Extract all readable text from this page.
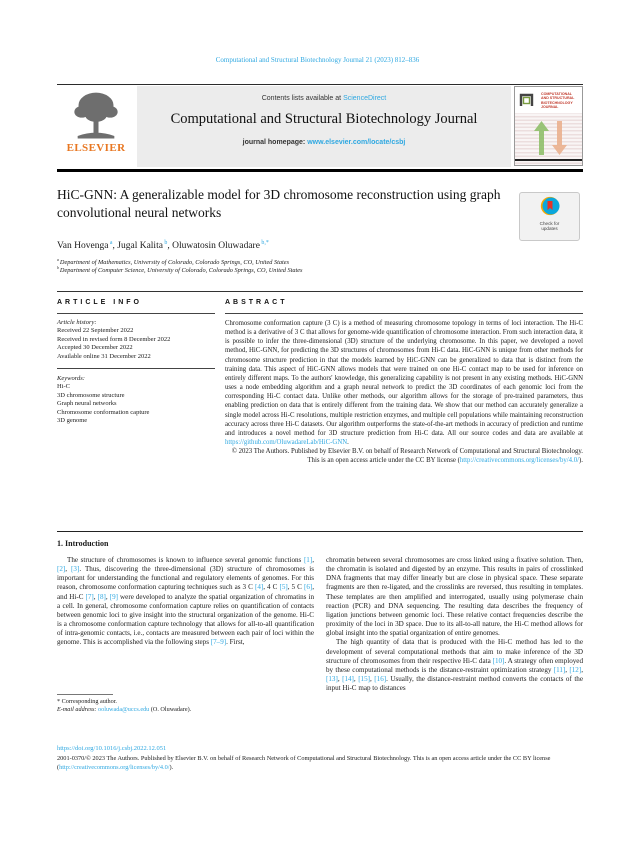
Computational and Structural Biotechnology Journal 21 (2023) 812–836
ELSEVIER
Contents lists available at ScienceDirect
Computational and Structural Biotechnology Journal
journal homepage: www.elsevier.com/locate/csbj
COMPUTATIONAL
AND STRUCTURAL
BIOTECHNOLOGY
JOURNAL
HiC-GNN: A generalizable model for 3D chromosome reconstruction using graph convolutional neural networks
Check for
updates
Van Hovenga $^a$, Jugal Kalita $^b$, Oluwatosin Oluwadare $^{b,*}$
$^a$ Department of Mathematics, University of Colorado, Colorado Springs, CO, United States
$^b$ Department of Computer Science, University of Colorado, Colorado Springs, CO, United States
ARTICLE INFO	ABSTRACT
Article history:
Received 22 September 2022
Received in revised form 8 December 2022
Accepted 30 December 2022
Available online 31 December 2022
Keywords:
Hi-C
3D chromosome structure
Graph neural networks
Chromosome conformation capture
3D genome
Chromosome conformation capture (3 C) is a method of measuring chromosome topology in terms of loci interaction. The Hi-C method is a derivative of 3 C that allows for genome-wide quantification of chromosome interaction. From such interaction data, it is possible to infer the three-dimensional (3D) structure of the underlying chromosome. In this paper, we developed a novel method, HiC-GNN, for predicting the 3D structures of chromosomes from Hi-C data. HiC-GNN is unique from other methods for chromosome structure prediction in that the models learned by HiC-GNN can be generalized to data that is distinct from the training data. This aspect of HiC-GNN allows models that were trained on one Hi-C contact map to be used for inference on entirely different maps. To the authors' knowledge, this generalizing capability is not present in any existing methods. HiC-GNN uses a node embedding algorithm and a graph neural network to predict the 3D coordinates of each genomic loci from the corresponding Hi-C contact data. Unlike other methods, our algorithm allows for the storage of pre-trained parameters, thus enabling prediction on data that is entirely different from the training data. We show that our method can accurately generalize a single model across Hi-C resolutions, multiple restriction enzymes, and multiple cell populations while maintaining reconstruction accuracy across three Hi-C datasets. Our algorithm outperforms the state-of-the-art methods in accuracy of prediction and runtime and introduces a novel method for 3D structure prediction from Hi-C data. All our source codes and data are available at https://github.com/OluwadareLab/HiC-GNN.
© 2023 The Authors. Published by Elsevier B.V. on behalf of Research Network of Computational and Structural Biotechnology. This is an open access article under the CC BY license (http://creativecommons.org/licenses/by/4.0/).
1. Introduction

The structure of chromosomes is known to influence several genomic functions [1], [2], [3]. Thus, discovering the three-dimensional (3D) structure of chromosomes is important for understanding the functional and regulatory elements of genomes. For this reason, chromosome conformation capturing techniques such as 3 C [4], 4 C [5], 5 C [6], and Hi-C [7], [8], [9] were developed to analyze the spatial organization of chromatins in a cell. In general, chromosome conformation capture relies on quantification of contacts between genomic loci to give insight into the structural organization of the genome. Hi-C is a chromosome conformation capture technology that allows for all-to-all quantification of intra-genomic contacts, i.e., contacts are measured between each pair of loci within the genome. This is accomplished via the following steps [7–9]. First,

chromatin between several chromosomes are cross linked using a fixative solution. Then, the chromatin is isolated and digested by an enzyme. This results in pairs of crosslinked DNA fragments that may differ linearly but are close in physical space. These separate fragments are then re-ligated, and the crosslinks are reversed, thus resulting in templates. These templates are then amplified and interrogated, usually using polymerase chain reaction (PCR) and DNA sequencing. The resulting data describes the frequency of ligation junctions between genomic loci. These relative contact frequencies describe the proximity of the loci in 3D space. Due to its all-to-all nature, the Hi-C method allows for global insight into the spatial organization of entire genomes.

The high quantity of data that is produced with the Hi-C method has led to the development of several computational methods that aim to make inference of the 3D structure of chromosomes from their respective Hi-C data [10]. A strategy often employed by these computational methods is the distance-restraint optimization strategy [11], [12], [13], [14], [15], [16]. Usually, the distance-restraint method converts the contacts of the input Hi-C map to distances

* Corresponding author.
E-mail address: ooluwada@uccs.edu (O. Oluwadare).
https://doi.org/10.1016/j.csbj.2022.12.051
2001-0370/© 2023 The Authors. Published by Elsevier B.V. on behalf of Research Network of Computational and Structural Biotechnology. This is an open access article under the CC BY license (http://creativecommons.org/licenses/by/4.0/).
